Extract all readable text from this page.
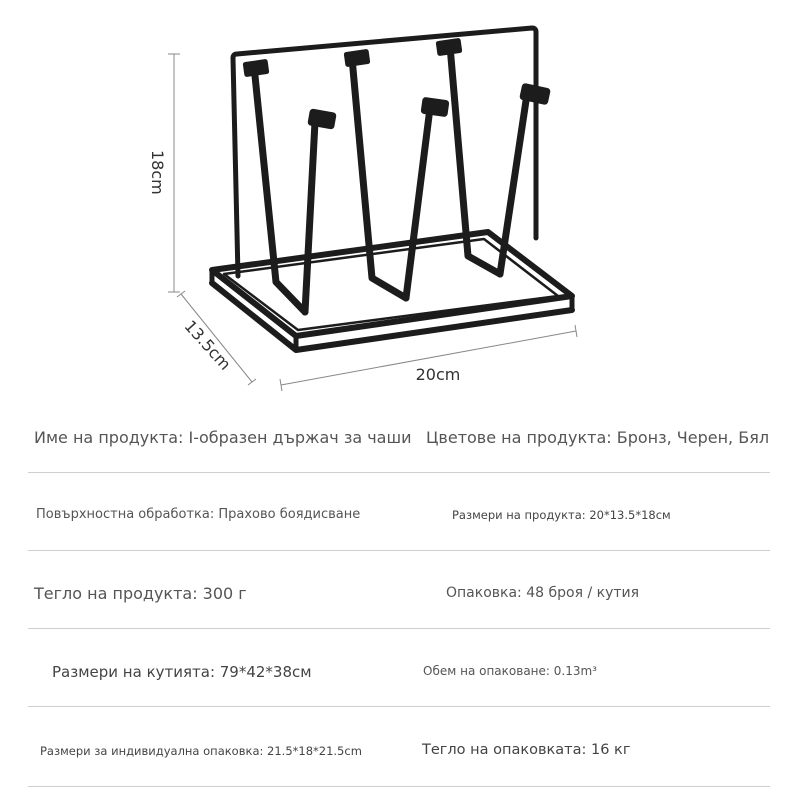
18cm
13.5cm
20cm
Име на продукта: I-образен държач за чаши Цветове на продукта: Бронз, Черен, Бял
Повърхностна обработка: Прахово боядисване	Размери на продукта: 20*13.5*18см
Тегло на продукта: 300 г	Опаковка: 48 броя / кутия
Размери на кутията: 79*42*38см	Обем на опаковане: 0.13m³
Размери за индивидуална опаковка: 21.5*18*21.5cm	Тегло на опаковката: 16 кг
